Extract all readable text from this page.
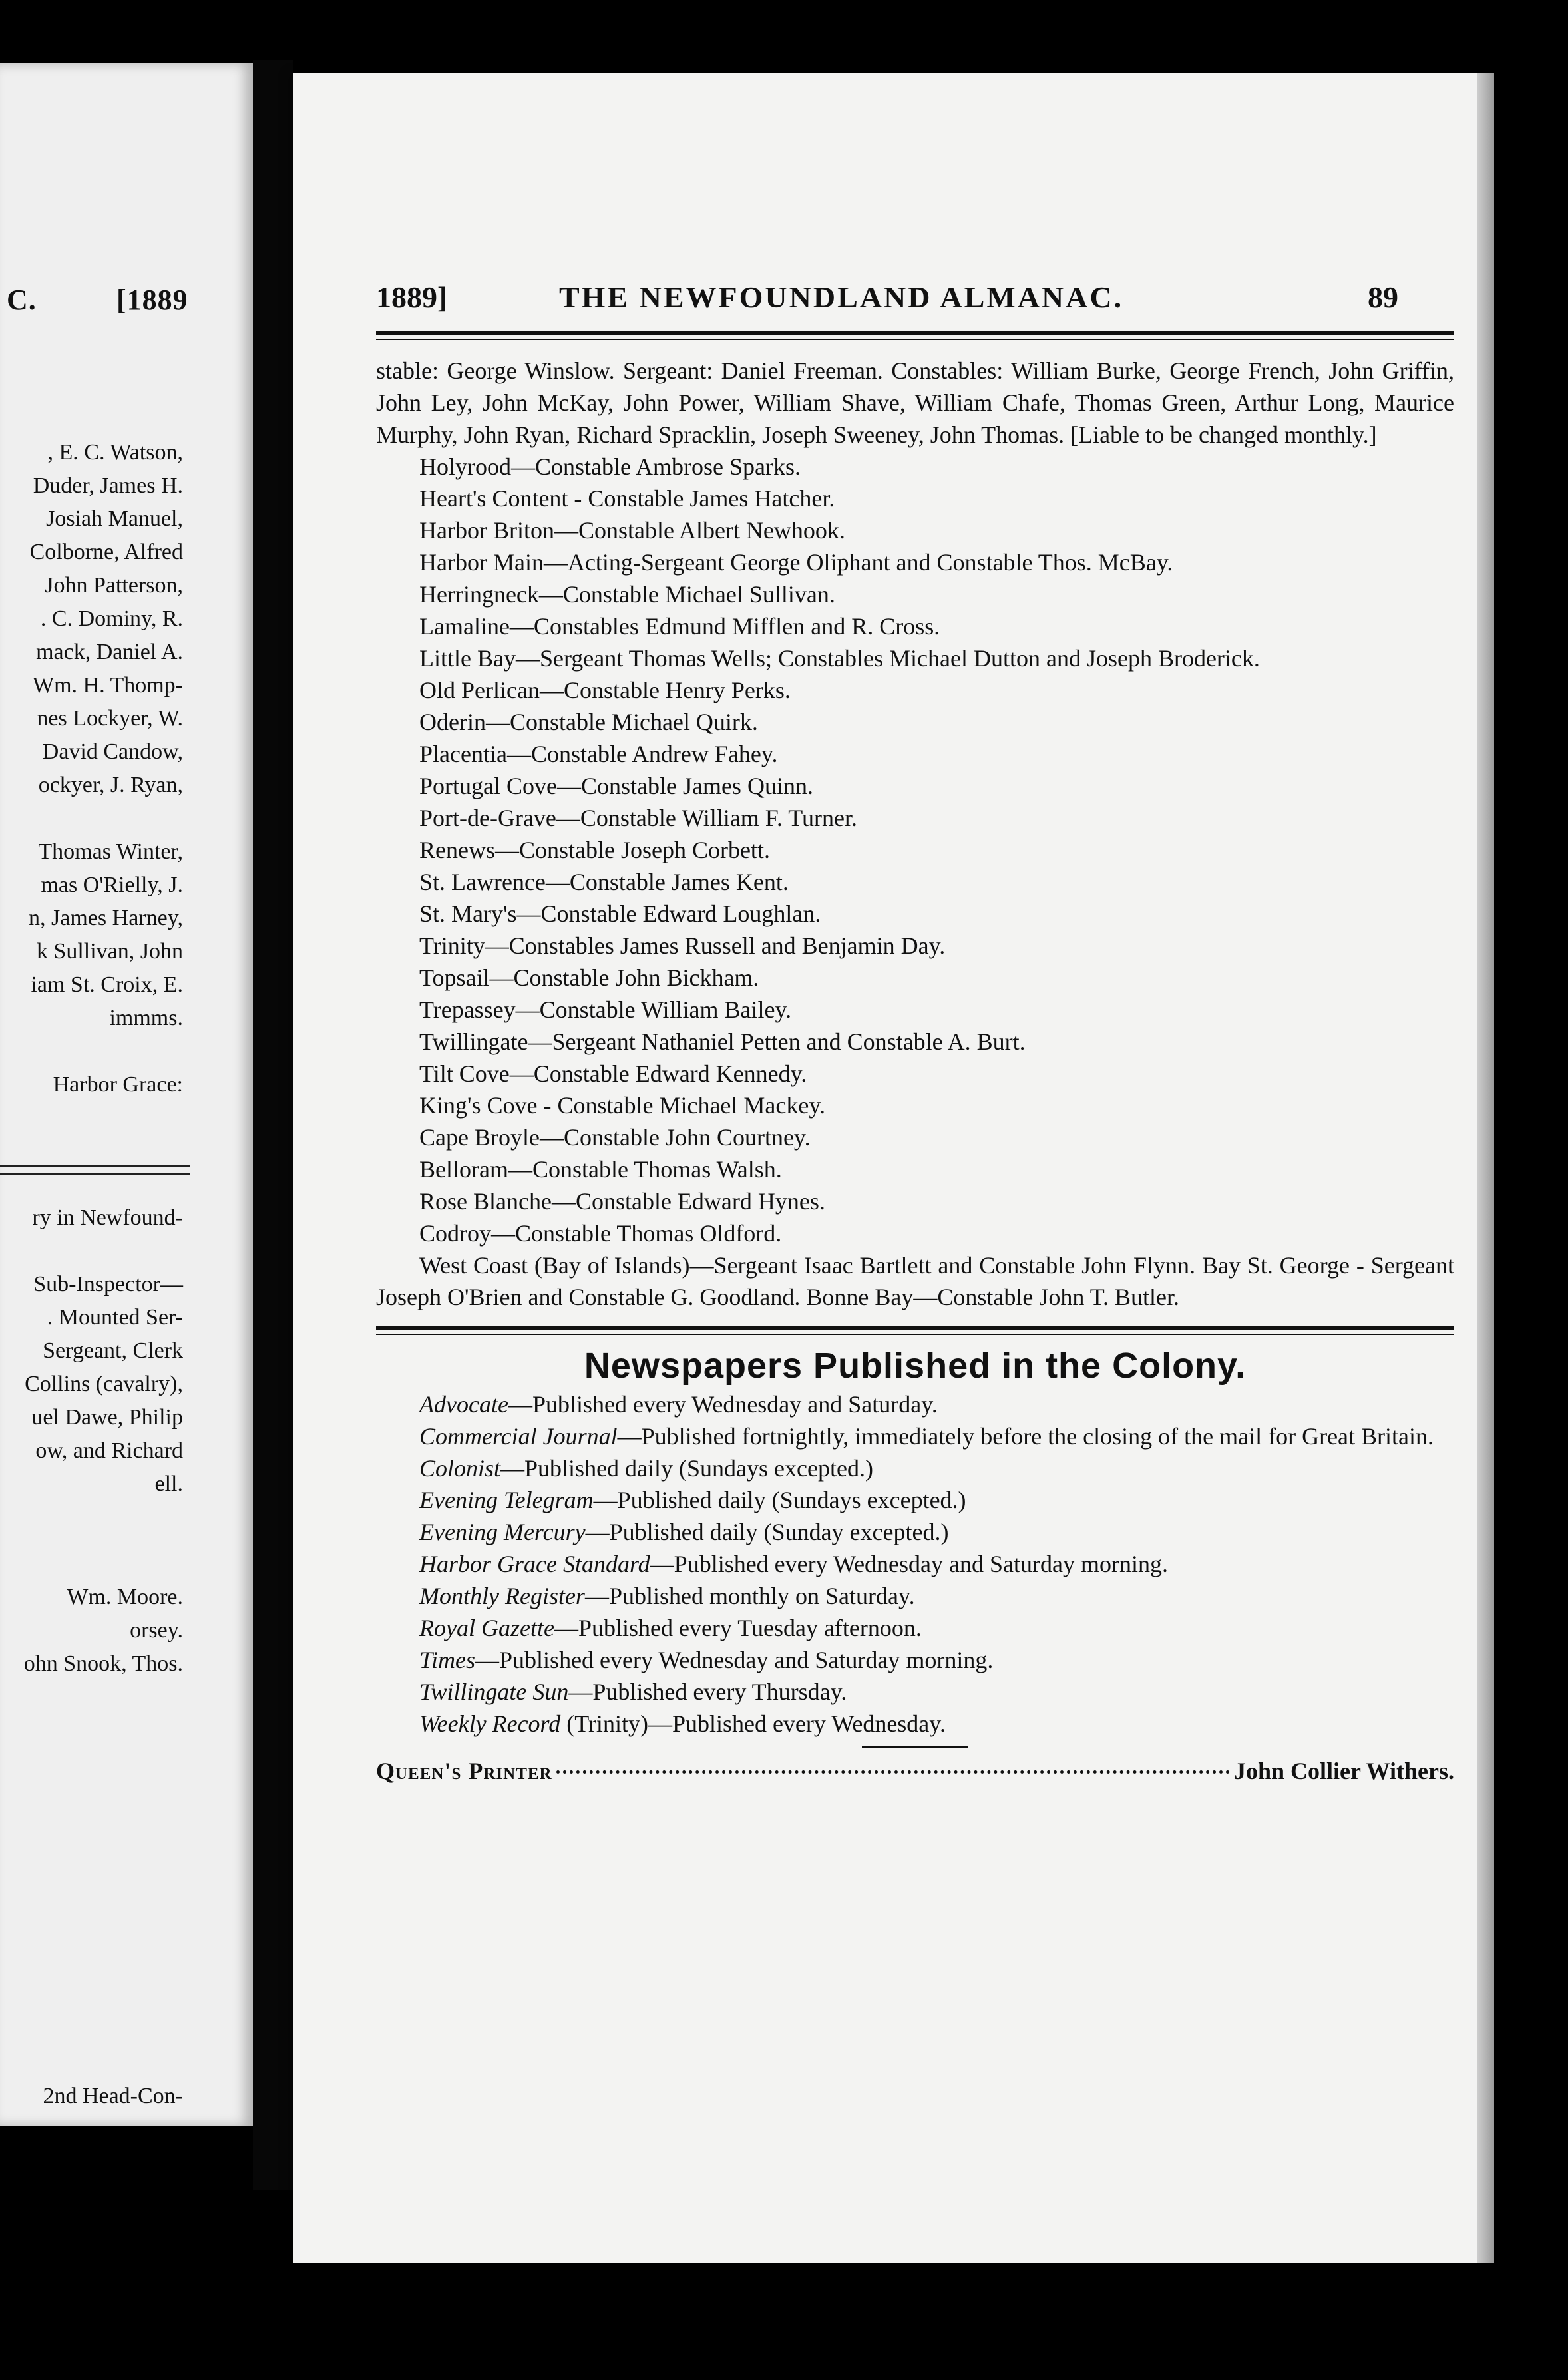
C.	[1889
, E. C. Watson,
Duder, James H.
Josiah Manuel,
Colborne, Alfred
John Patterson,
. C. Dominy, R.
mack, Daniel A.
Wm. H. Thomp-
nes Lockyer, W.
David Candow,
ockyer, J. Ryan,

Thomas Winter,
mas O'Rielly, J.
n, James Harney,
k Sullivan, John
iam St. Croix, E.
immms.

Harbor Grace:
ry in Newfound-

Sub-Inspector—
. Mounted Ser-
Sergeant, Clerk
Collins (cavalry),
uel Dawe, Philip
ow, and Richard
ell.
Wm. Moore.
orsey.
ohn Snook, Thos.
2nd Head-Con-
1889]	THE NEWFOUNDLAND ALMANAC.	89
stable: George Winslow. Sergeant: Daniel Freeman. Constables: William Burke, George French, John Griffin, John Ley, John McKay, John Power, William Shave, William Chafe, Thomas Green, Arthur Long, Maurice Murphy, John Ryan, Richard Spracklin, Joseph Sweeney, John Thomas. [Liable to be changed monthly.]
Holyrood—Constable Ambrose Sparks.
Heart's Content - Constable James Hatcher.
Harbor Briton—Constable Albert Newhook.
Harbor Main—Acting-Sergeant George Oliphant and Constable Thos. McBay.
Herringneck—Constable Michael Sullivan.
Lamaline—Constables Edmund Mifflen and R. Cross.
Little Bay—Sergeant Thomas Wells; Constables Michael Dutton and Joseph Broderick.
Old Perlican—Constable Henry Perks.
Oderin—Constable Michael Quirk.
Placentia—Constable Andrew Fahey.
Portugal Cove—Constable James Quinn.
Port-de-Grave—Constable William F. Turner.
Renews—Constable Joseph Corbett.
St. Lawrence—Constable James Kent.
St. Mary's—Constable Edward Loughlan.
Trinity—Constables James Russell and Benjamin Day.
Topsail—Constable John Bickham.
Trepassey—Constable William Bailey.
Twillingate—Sergeant Nathaniel Petten and Constable A. Burt.
Tilt Cove—Constable Edward Kennedy.
King's Cove - Constable Michael Mackey.
Cape Broyle—Constable John Courtney.
Belloram—Constable Thomas Walsh.
Rose Blanche—Constable Edward Hynes.
Codroy—Constable Thomas Oldford.
West Coast (Bay of Islands)—Sergeant Isaac Bartlett and Constable John Flynn. Bay St. George - Sergeant Joseph O'Brien and Constable G. Goodland. Bonne Bay—Constable John T. Butler.
Newspapers Published in the Colony.
Advocate—Published every Wednesday and Saturday.
Commercial Journal—Published fortnightly, immediately before the closing of the mail for Great Britain.
Colonist—Published daily (Sundays excepted.)
Evening Telegram—Published daily (Sundays excepted.)
Evening Mercury—Published daily (Sunday excepted.)
Harbor Grace Standard—Published every Wednesday and Saturday morning.
Monthly Register—Published monthly on Saturday.
Royal Gazette—Published every Tuesday afternoon.
Times—Published every Wednesday and Saturday morning.
Twillingate Sun—Published every Thursday.
Weekly Record (Trinity)—Published every Wednesday.
Queen's Printer	John Collier Withers.
